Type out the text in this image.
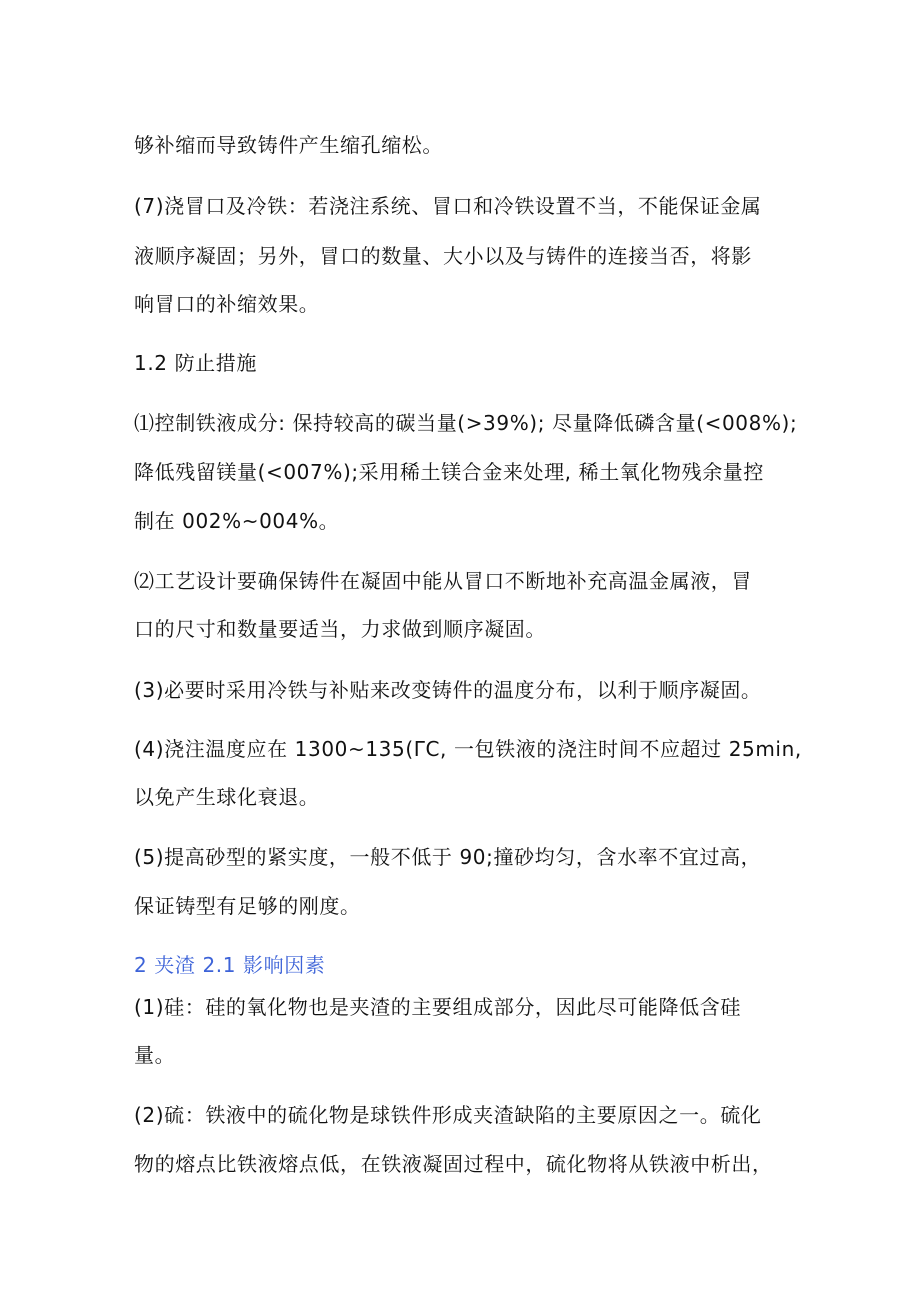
够补缩而导致铸件产生缩孔缩松。

(7)浇冒口及冷铁：若浇注系统、冒口和冷铁设置不当，不能保证金属

液顺序凝固；另外，冒口的数量、大小以及与铸件的连接当否，将影

响冒口的补缩效果。

1.2 防止措施

⑴控制铁液成分: 保持较高的碳当量(>39%); 尽量降低磷含量(<008%);

降低残留镁量(<007%);采用稀土镁合金来处理, 稀土氧化物残余量控

制在 002%~004%。

⑵工艺设计要确保铸件在凝固中能从冒口不断地补充高温金属液，冒

口的尺寸和数量要适当，力求做到顺序凝固。

(3)必要时采用冷铁与补贴来改变铸件的温度分布，以利于顺序凝固。

(4)浇注温度应在 1300~135(ΓC, 一包铁液的浇注时间不应超过 25min,

以免产生球化衰退。

(5)提高砂型的紧实度，一般不低于 90;撞砂均匀，含水率不宜过高，

保证铸型有足够的刚度。

2 夹渣 2.1 影响因素

(1)硅：硅的氧化物也是夹渣的主要组成部分，因此尽可能降低含硅

量。

(2)硫：铁液中的硫化物是球铁件形成夹渣缺陷的主要原因之一。硫化

物的熔点比铁液熔点低，在铁液凝固过程中，硫化物将从铁液中析出，
